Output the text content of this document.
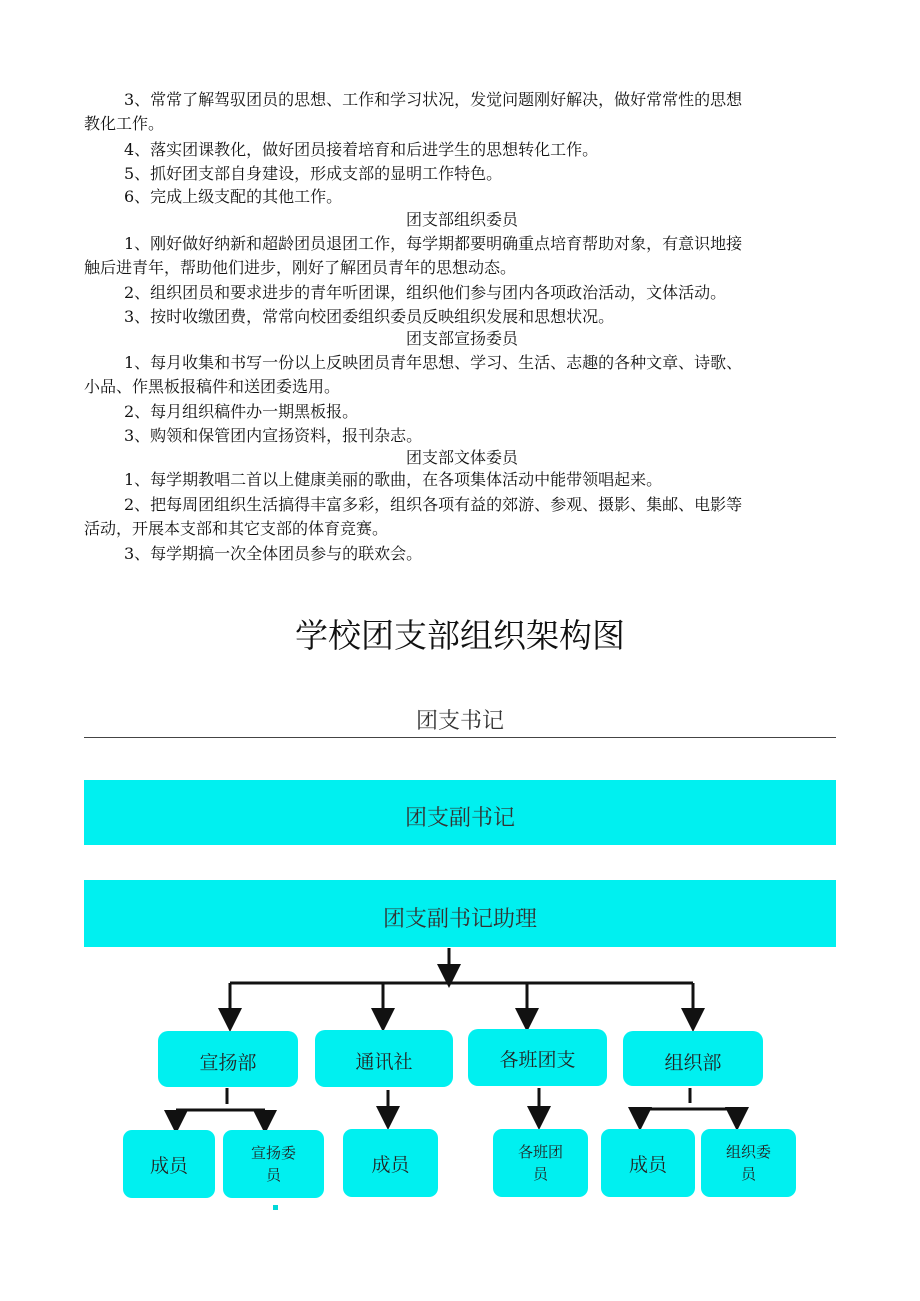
3、常常了解驾驭团员的思想、工作和学习状况，发觉问题刚好解决，做好常常性的思想

教化工作。
4、落实团课教化，做好团员接着培育和后进学生的思想转化工作。
5、抓好团支部自身建设，形成支部的显明工作特色。
6、完成上级支配的其他工作。
团支部组织委员
1、刚好做好纳新和超龄团员退团工作，每学期都要明确重点培育帮助对象，有意识地接
触后进青年，帮助他们进步，刚好了解团员青年的思想动态。
2、组织团员和要求进步的青年听团课，组织他们参与团内各项政治活动，文体活动。
3、按时收缴团费，常常向校团委组织委员反映组织发展和思想状况。
团支部宣扬委员
1、每月收集和书写一份以上反映团员青年思想、学习、生活、志趣的各种文章、诗歌、
小品、作黑板报稿件和送团委选用。
2、每月组织稿件办一期黑板报。
3、购领和保管团内宣扬资料，报刊杂志。
团支部文体委员
1、每学期教唱二首以上健康美丽的歌曲，在各项集体活动中能带领唱起来。
2、把每周团组织生活搞得丰富多彩，组织各项有益的郊游、参观、摄影、集邮、电影等
活动，开展本支部和其它支部的体育竞赛。
3、每学期搞一次全体团员参与的联欢会。
学校团支部组织架构图
团支书记
团支副书记
团支副书记助理
宣扬部	通讯社	各班团支	组织部
成员
宣扬委
员	成员
各班团
员	成员
组织委
员
